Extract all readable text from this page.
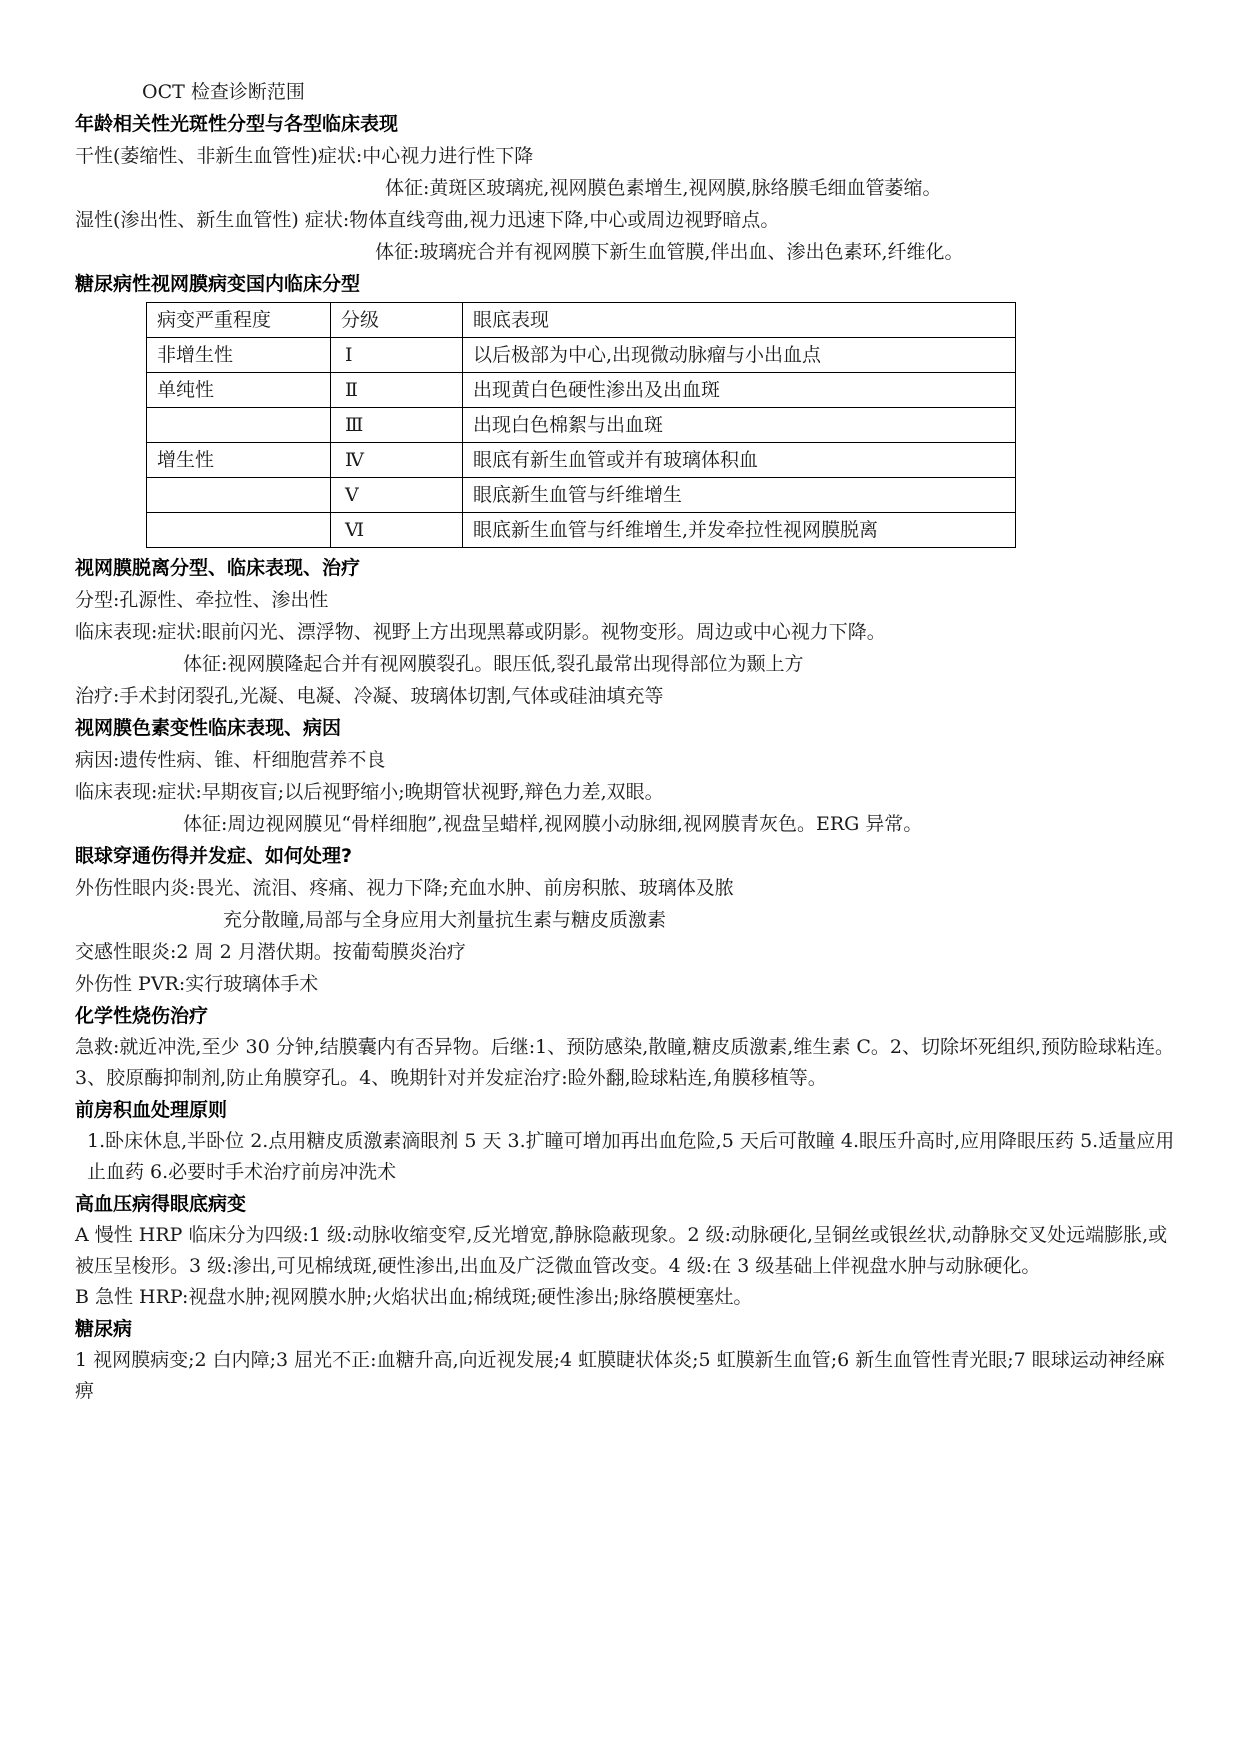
OCT 检查诊断范围
年龄相关性光斑性分型与各型临床表现
干性(萎缩性、非新生血管性)症状:中心视力进行性下降
体征:黄斑区玻璃疣,视网膜色素增生,视网膜,脉络膜毛细血管萎缩。
湿性(渗出性、新生血管性) 症状:物体直线弯曲,视力迅速下降,中心或周边视野暗点。
体征:玻璃疣合并有视网膜下新生血管膜,伴出血、渗出色素环,纤维化。
糖尿病性视网膜病变国内临床分型
病变严重程度	分级	眼底表现
非增生性	Ⅰ	以后极部为中心,出现微动脉瘤与小出血点
单纯性	Ⅱ	出现黄白色硬性渗出及出血斑
	Ⅲ	出现白色棉絮与出血斑
增生性	Ⅳ	眼底有新生血管或并有玻璃体积血
	Ⅴ	眼底新生血管与纤维增生
	Ⅵ	眼底新生血管与纤维增生,并发牵拉性视网膜脱离
视网膜脱离分型、临床表现、治疗
分型:孔源性、牵拉性、渗出性
临床表现:症状:眼前闪光、漂浮物、视野上方出现黑幕或阴影。视物变形。周边或中心视力下降。
体征:视网膜隆起合并有视网膜裂孔。眼压低,裂孔最常出现得部位为颞上方
治疗:手术封闭裂孔,光凝、电凝、冷凝、玻璃体切割,气体或硅油填充等
视网膜色素变性临床表现、病因
病因:遗传性病、锥、杆细胞营养不良
临床表现:症状:早期夜盲;以后视野缩小;晚期管状视野,辩色力差,双眼。
体征:周边视网膜见“骨样细胞”,视盘呈蜡样,视网膜小动脉细,视网膜青灰色。ERG 异常。
眼球穿通伤得并发症、如何处理?
外伤性眼内炎:畏光、流泪、疼痛、视力下降;充血水肿、前房积脓、玻璃体及脓
充分散瞳,局部与全身应用大剂量抗生素与糖皮质激素
交感性眼炎:2 周 2 月潜伏期。按葡萄膜炎治疗
外伤性 PVR:实行玻璃体手术
化学性烧伤治疗
急救:就近冲洗,至少 30 分钟,结膜囊内有否异物。后继:1、预防感染,散瞳,糖皮质激素,维生素 C。2、切除坏死组织,预防睑球粘连。3、胶原酶抑制剂,防止角膜穿孔。4、晚期针对并发症治疗:睑外翻,睑球粘连,角膜移植等。
前房积血处理原则
1.卧床休息,半卧位 2.点用糖皮质激素滴眼剂 5 天 3.扩瞳可增加再出血危险,5 天后可散瞳 4.眼压升高时,应用降眼压药 5.适量应用止血药 6.必要时手术治疗前房冲洗术
高血压病得眼底病变
A 慢性 HRP 临床分为四级:1 级:动脉收缩变窄,反光增宽,静脉隐蔽现象。2 级:动脉硬化,呈铜丝或银丝状,动静脉交叉处远端膨胀,或被压呈梭形。3 级:渗出,可见棉绒斑,硬性渗出,出血及广泛微血管改变。4 级:在 3 级基础上伴视盘水肿与动脉硬化。
B 急性 HRP:视盘水肿;视网膜水肿;火焰状出血;棉绒斑;硬性渗出;脉络膜梗塞灶。
糖尿病
1 视网膜病变;2 白内障;3 屈光不正:血糖升高,向近视发展;4 虹膜睫状体炎;5 虹膜新生血管;6 新生血管性青光眼;7 眼球运动神经麻痹
